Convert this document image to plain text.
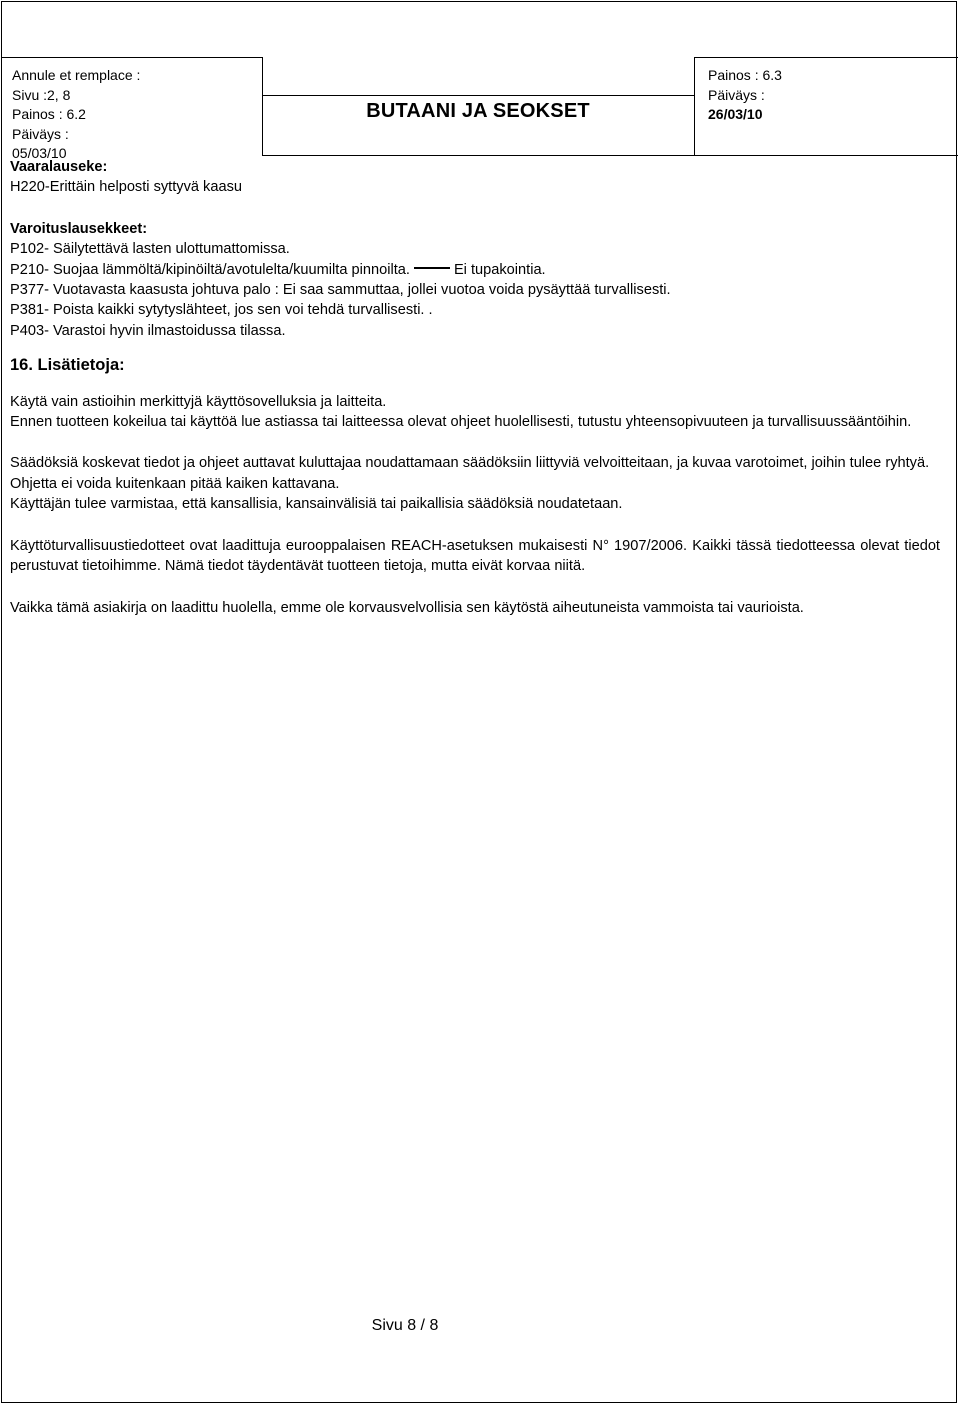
Annule et remplace :
Sivu :2, 8
Painos : 6.2
Päiväys :
05/03/10
BUTAANI JA SEOKSET
Painos : 6.3
Päiväys :
26/03/10

Vaaralauseke:

H220-Erittäin helposti syttyvä kaasu

Varoituslausekkeet:

P102- Säilytettävä lasten ulottumattomissa.

P210- Suojaa lämmöltä/kipinöiltä/avotulelta/kuumilta pinnoilta.	Ei tupakointia.

P377- Vuotavasta kaasusta johtuva palo : Ei saa sammuttaa, jollei vuotoa voida pysäyttää turvallisesti.

P381- Poista kaikki sytytyslähteet, jos sen voi tehdä turvallisesti. .

P403- Varastoi hyvin ilmastoidussa tilassa.

16. Lisätietoja:

Käytä vain astioihin merkittyjä käyttösovelluksia ja laitteita.

Ennen tuotteen kokeilua tai käyttöä lue astiassa tai laitteessa olevat ohjeet huolellisesti, tutustu yhteensopivuuteen ja turvallisuussääntöihin.

Säädöksiä koskevat tiedot ja ohjeet auttavat kuluttajaa noudattamaan säädöksiin liittyviä velvoitteitaan, ja kuvaa varotoimet, joihin tulee ryhtyä. Ohjetta ei voida kuitenkaan pitää kaiken kattavana.

Käyttäjän tulee varmistaa, että kansallisia, kansainvälisiä tai paikallisia säädöksiä noudatetaan.

Käyttöturvallisuustiedotteet ovat laadittuja eurooppalaisen REACH-asetuksen mukaisesti N° 1907/2006. Kaikki tässä tiedotteessa olevat tiedot perustuvat tietoihimme. Nämä tiedot täydentävät tuotteen tietoja, mutta eivät korvaa niitä.

Vaikka tämä asiakirja on laadittu huolella, emme ole korvausvelvollisia sen käytöstä aiheutuneista vammoista tai vaurioista.

Sivu 8 / 8
